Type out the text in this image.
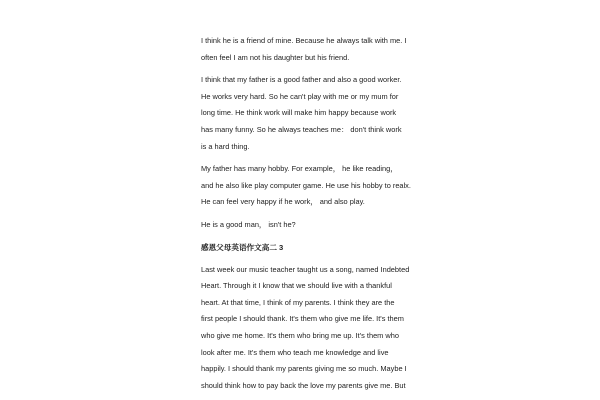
I think he is a friend of mine. Because he always talk with me. I
often feel I am not his daughter but his friend.

I think that my father is a good father and also a good worker.
He works very hard. So he can't play with me or my mum for
long time. He think work will make him happy because work
has many funny. So he always teaches me： don't think work
is a hard thing.

My father has many hobby. For example， he like reading，
and he also like play computer game. He use his hobby to realx.
He can feel very happy if he work， and also play.

He is a good man， isn't he?

感恩父母英语作文高二 3

Last week our music teacher taught us a song, named Indebted
Heart. Through it I know that we should live with a thankful
heart. At that time, I think of my parents. I think they are the
first people I should thank. It's them who give me life. It's them
who give me home. It's them who bring me up. It's them who
look after me. It's them who teach me knowledge and live
happily. I should thank my parents giving me so much. Maybe I
should think how to pay back the love my parents give me. But
